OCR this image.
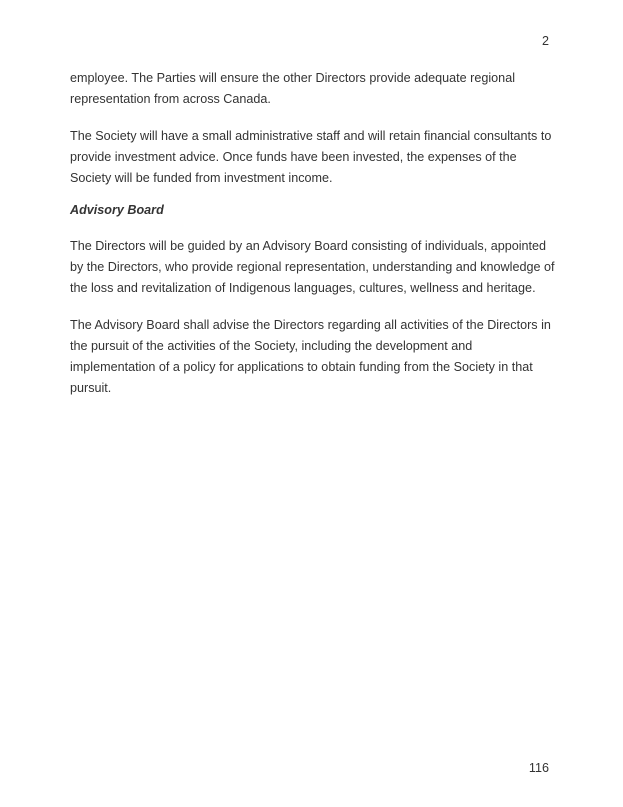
2
employee. The Parties will ensure the other Directors provide adequate regional
representation from across Canada.
The Society will have a small administrative staff and will retain financial consultants to
provide investment advice. Once funds have been invested, the expenses of the
Society will be funded from investment income.
Advisory Board
The Directors will be guided by an Advisory Board consisting of individuals, appointed
by the Directors, who provide regional representation, understanding and knowledge of
the loss and revitalization of Indigenous languages, cultures, wellness and heritage.
The Advisory Board shall advise the Directors regarding all activities of the Directors in
the pursuit of the activities of the Society, including the development and
implementation of a policy for applications to obtain funding from the Society in that
pursuit.
116
